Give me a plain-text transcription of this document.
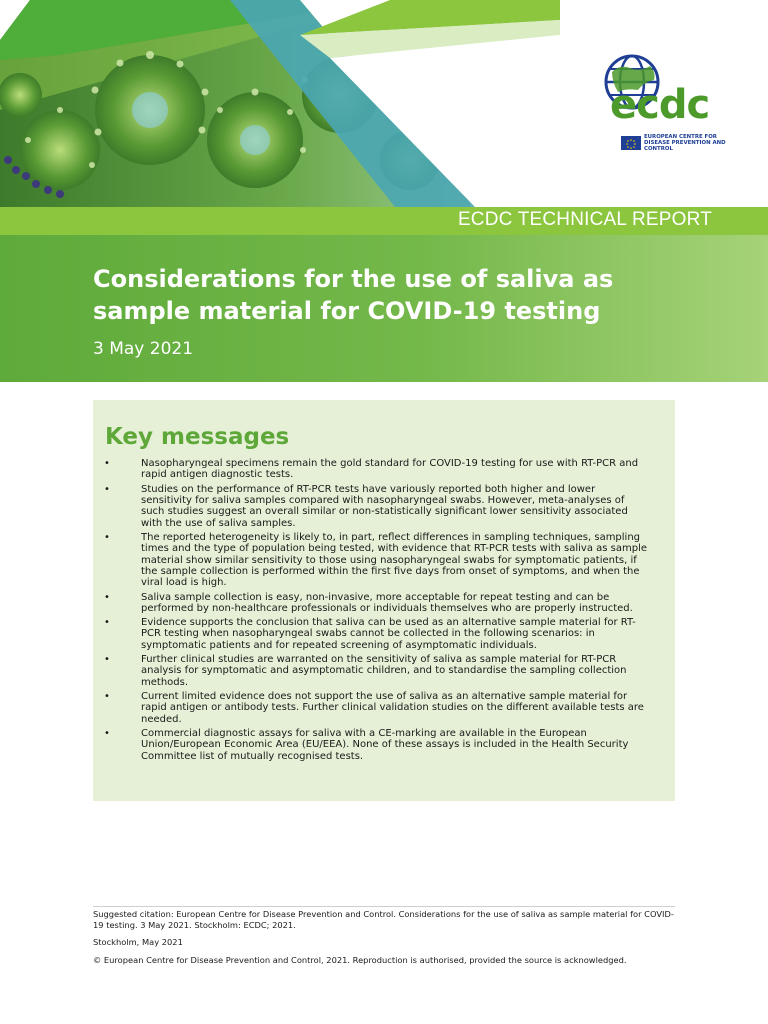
ecdc
EUROPEAN CENTRE FOR DISEASE PREVENTION AND CONTROL
ECDC TECHNICAL REPORT
Considerations for the use of saliva as sample material for COVID-19 testing
3 May 2021
Key messages
• Nasopharyngeal specimens remain the gold standard for COVID-19 testing for use with RT-PCR and rapid antigen diagnostic tests.
• Studies on the performance of RT-PCR tests have variously reported both higher and lower sensitivity for saliva samples compared with nasopharyngeal swabs. However, meta-analyses of such studies suggest an overall similar or non-statistically significant lower sensitivity associated with the use of saliva samples.
• The reported heterogeneity is likely to, in part, reflect differences in sampling techniques, sampling times and the type of population being tested, with evidence that RT-PCR tests with saliva as sample material show similar sensitivity to those using nasopharyngeal swabs for symptomatic patients, if the sample collection is performed within the first five days from onset of symptoms, and when the viral load is high.
• Saliva sample collection is easy, non-invasive, more acceptable for repeat testing and can be performed by non-healthcare professionals or individuals themselves who are properly instructed.
• Evidence supports the conclusion that saliva can be used as an alternative sample material for RT-PCR testing when nasopharyngeal swabs cannot be collected in the following scenarios: in symptomatic patients and for repeated screening of asymptomatic individuals.
• Further clinical studies are warranted on the sensitivity of saliva as sample material for RT-PCR analysis for symptomatic and asymptomatic children, and to standardise the sampling collection methods.
• Current limited evidence does not support the use of saliva as an alternative sample material for rapid antigen or antibody tests. Further clinical validation studies on the different available tests are needed.
• Commercial diagnostic assays for saliva with a CE-marking are available in the European Union/European Economic Area (EU/EEA). None of these assays is included in the Health Security Committee list of mutually recognised tests.

Suggested citation: European Centre for Disease Prevention and Control. Considerations for the use of saliva as sample material for COVID-19 testing. 3 May 2021. Stockholm: ECDC; 2021.

Stockholm, May 2021

© European Centre for Disease Prevention and Control, 2021. Reproduction is authorised, provided the source is acknowledged.
